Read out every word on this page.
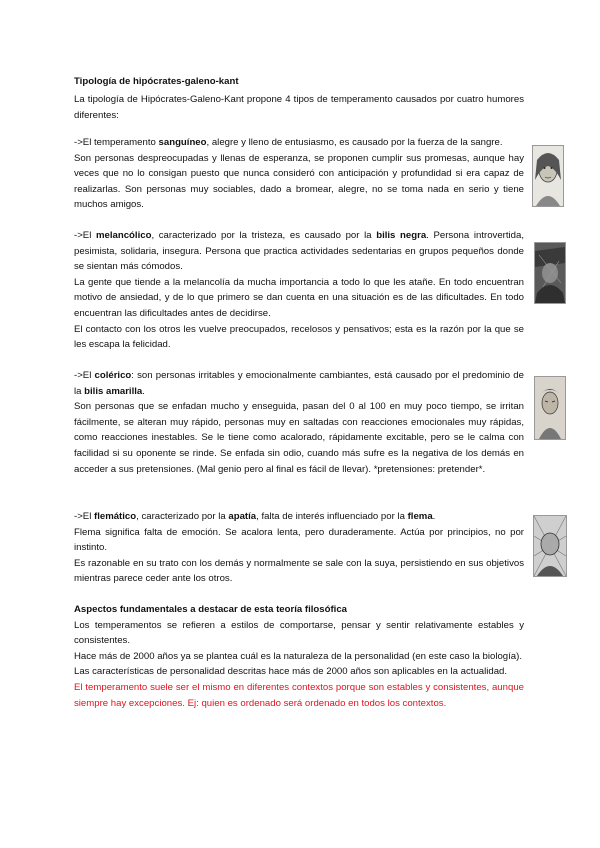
Tipología de hipócrates-galeno-kant

La tipología de Hipócrates-Galeno-Kant propone 4 tipos de temperamento causados por cuatro humores diferentes:

->El temperamento sanguíneo, alegre y lleno de entusiasmo, es causado por la fuerza de la sangre.

Son personas despreocupadas y llenas de esperanza, se proponen cumplir sus promesas, aunque hay veces que no lo consigan puesto que nunca consideró con anticipación y profundidad si era capaz de realizarlas. Son personas muy sociables, dado a bromear, alegre, no se toma nada en serio y tiene muchos amigos.

->El melancólico, caracterizado por la tristeza, es causado por la bilis negra. Persona introvertida, pesimista, solidaria, insegura. Persona que practica actividades sedentarias en grupos pequeños donde se sientan más cómodos.

La gente que tiende a la melancolía da mucha importancia a todo lo que les atañe. En todo encuentran motivo de ansiedad, y de lo que primero se dan cuenta en una situación es de las dificultades. En todo encuentran las dificultades antes de decidirse.

El contacto con los otros les vuelve preocupados, recelosos y pensativos; esta es la razón por la que se les escapa la felicidad.

->El colérico: son personas irritables y emocionalmente cambiantes, está causado por el predominio de la bilis amarilla.

Son personas que se enfadan mucho y enseguida, pasan del 0 al 100 en muy poco tiempo, se irritan fácilmente, se alteran muy rápido, personas muy en saltadas con reacciones emocionales muy rápidas, como reacciones inestables. Se le tiene como acalorado, rápidamente excitable, pero se le calma con facilidad si su oponente se rinde. Se enfada sin odio, cuando más sufre es la negativa de los demás en acceder a sus pretensiones. (Mal genio pero al final es fácil de llevar). *pretensiones: pretender*.

->El flemático, caracterizado por la apatía, falta de interés influenciado por la flema.

Flema significa falta de emoción. Se acalora lenta, pero duraderamente. Actúa por principios, no por instinto.

Es razonable en su trato con los demás y normalmente se sale con la suya, persistiendo en sus objetivos mientras parece ceder ante los otros.

Aspectos fundamentales a destacar de esta teoría filosófica

Los temperamentos se refieren a estilos de comportarse, pensar y sentir relativamente estables y consistentes.

Hace más de 2000 años ya se plantea cuál es la naturaleza de la personalidad (en este caso la biología).

Las características de personalidad descritas hace más de 2000 años son aplicables en la actualidad.

El temperamento suele ser el mismo en diferentes contextos porque son estables y consistentes, aunque siempre hay excepciones. Ej: quien es ordenado será ordenado en todos los contextos.
